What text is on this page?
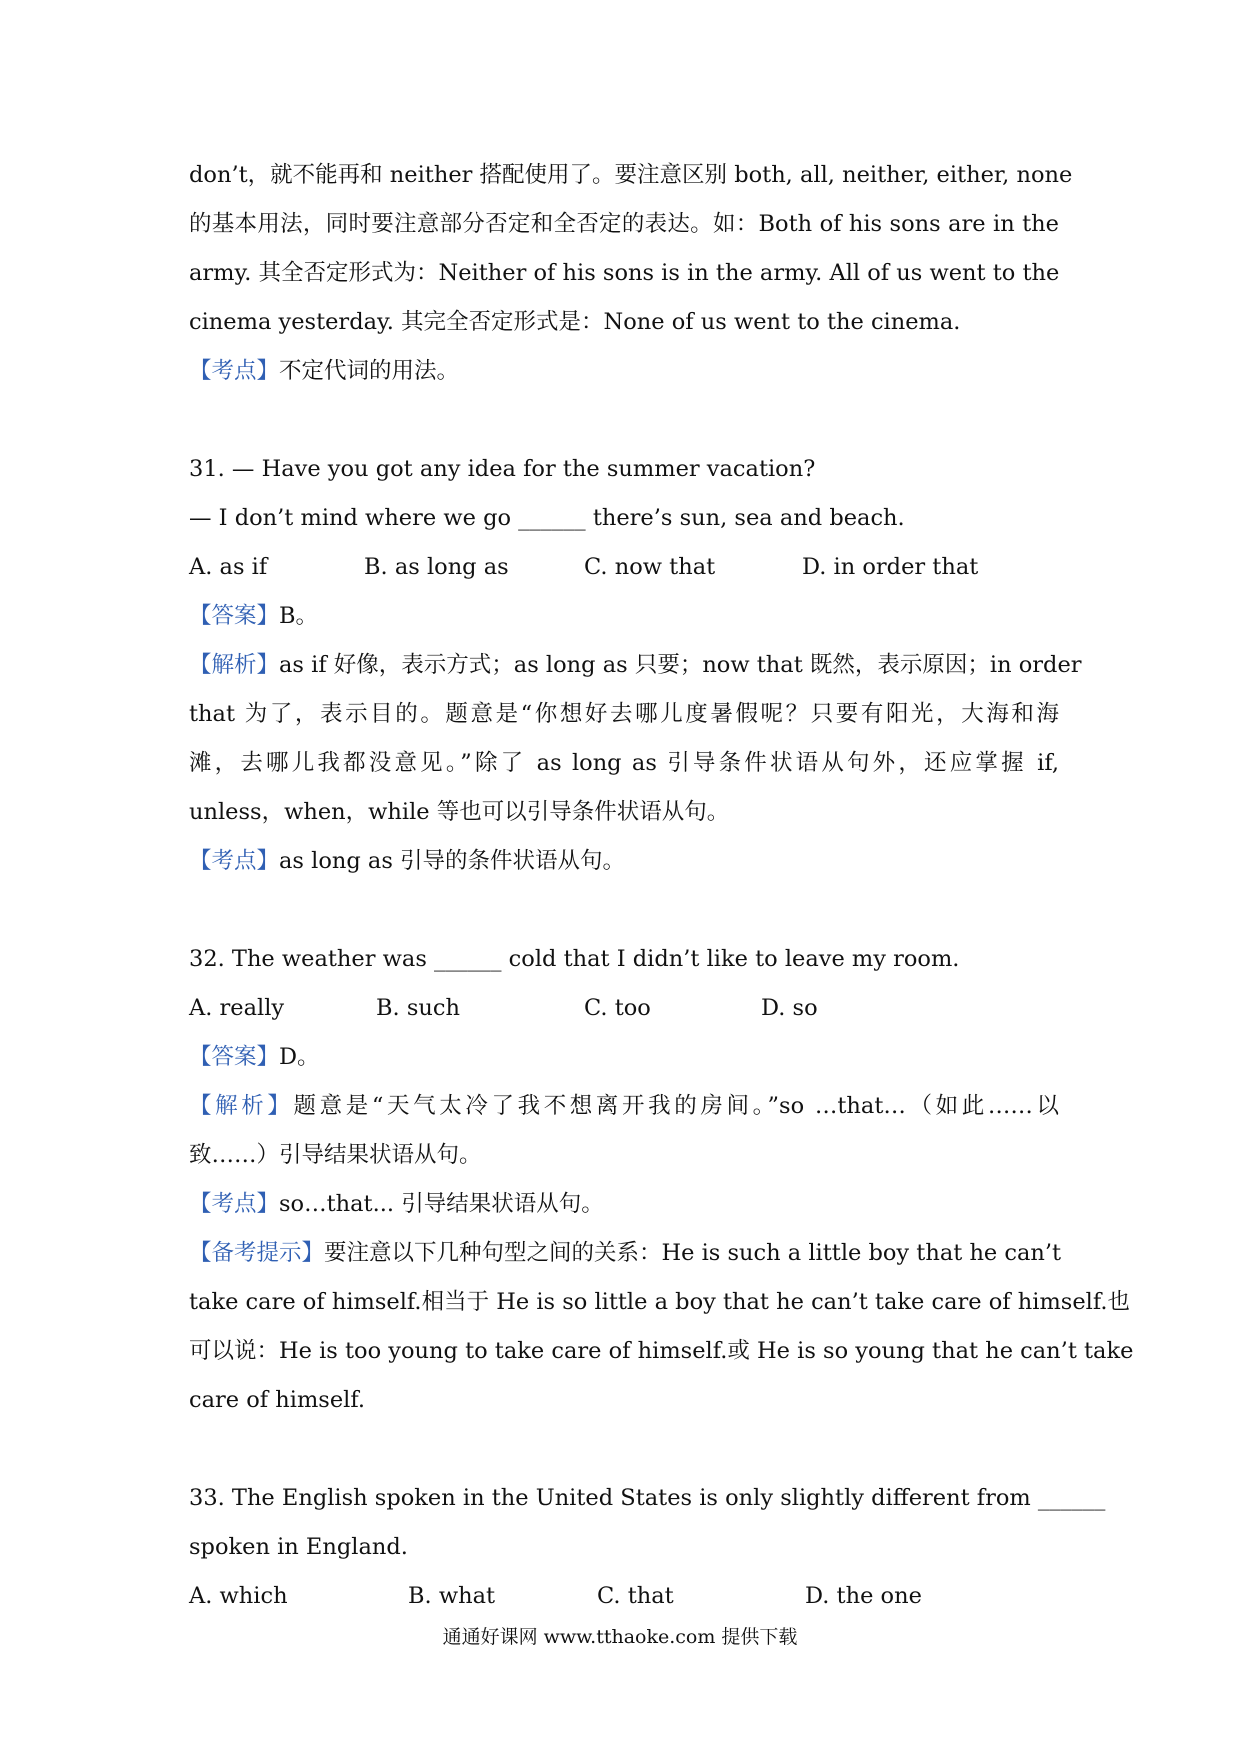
don’t，就不能再和 neither 搭配使用了。要注意区别 both, all, neither, either, none

的基本用法，同时要注意部分否定和全否定的表达。如：Both of his sons are in the

army. 其全否定形式为：Neither of his sons is in the army. All of us went to the

cinema yesterday. 其完全否定形式是：None of us went to the cinema.

【考点】不定代词的用法。

31. — Have you got any idea for the summer vacation?

— I don’t mind where we go ______ there’s sun, sea and beach.

A. as if	B. as long as	C. now that	D. in order that

【答案】B。

【解析】as if 好像，表示方式；as long as 只要；now that 既然，表示原因；in order

that 为了，表示目的。题意是“你想好去哪儿度暑假呢？只要有阳光，大海和海

滩，去哪儿我都没意见。”除了 as long as 引导条件状语从句外，还应掌握 if,

unless，when，while 等也可以引导条件状语从句。

【考点】as long as 引导的条件状语从句。

32. The weather was ______ cold that I didn’t like to leave my room.

A. really	B. such	C. too	D. so

【答案】D。

【解析】题意是“天气太冷了我不想离开我的房间。”so …that…（如此……以

致……）引导结果状语从句。

【考点】so…that... 引导结果状语从句。

【备考提示】要注意以下几种句型之间的关系：He is such a little boy that he can’t

take care of himself.相当于 He is so little a boy that he can’t take care of himself.也

可以说：He is too young to take care of himself.或 He is so young that he can’t take

care of himself.

33. The English spoken in the United States is only slightly different from ______

spoken in England.

A. which	B. what	C. that	D. the one
通通好课网 www.tthaoke.com 提供下载
